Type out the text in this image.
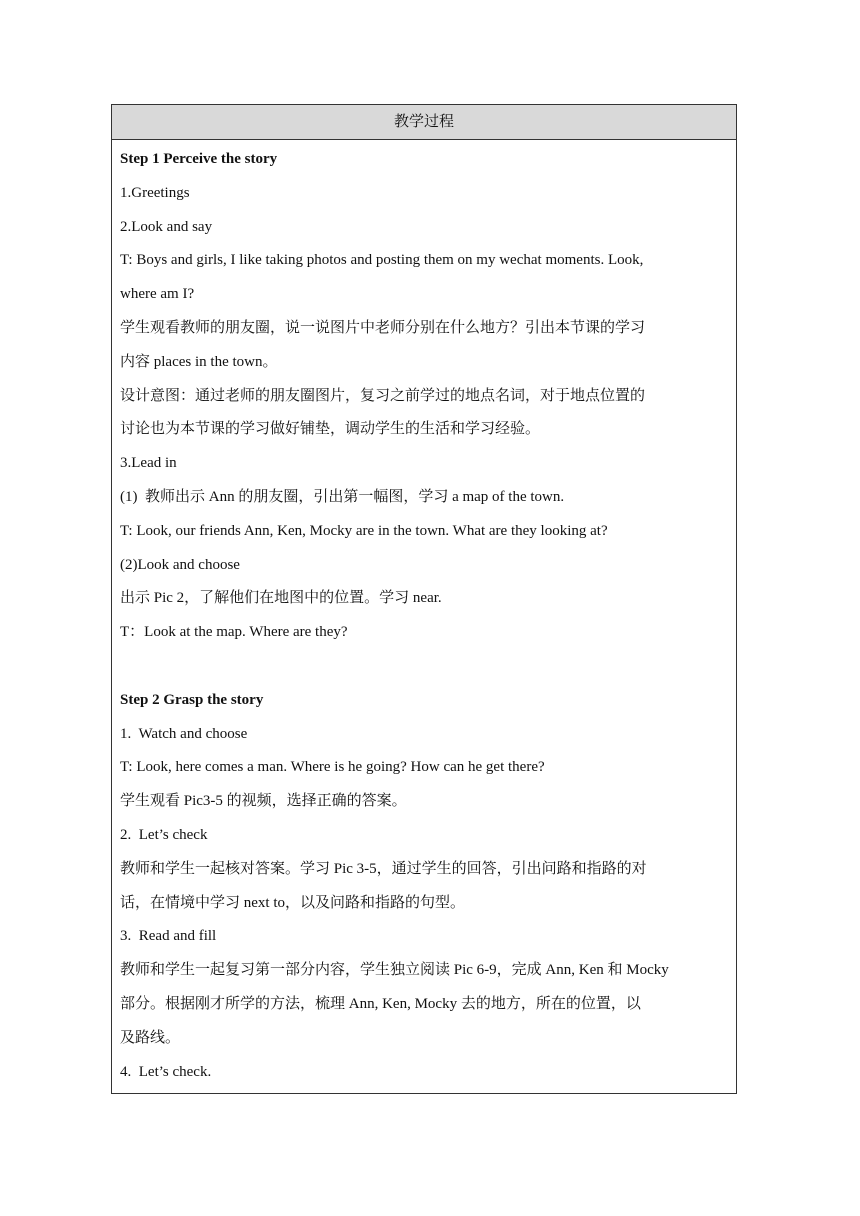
教学过程

Step 1 Perceive the story

1.Greetings

2.Look and say

T: Boys and girls, I like taking photos and posting them on my wechat moments. Look,

where am I?

学生观看教师的朋友圈，说一说图片中老师分别在什么地方？引出本节课的学习

内容 places in the town。

设计意图：通过老师的朋友圈图片，复习之前学过的地点名词，对于地点位置的

讨论也为本节课的学习做好铺垫，调动学生的生活和学习经验。

3.Lead in

(1)  教师出示 Ann 的朋友圈，引出第一幅图，学习 a map of the town.

T: Look, our friends Ann, Ken, Mocky are in the town. What are they looking at?

(2)Look and choose

出示 Pic 2，了解他们在地图中的位置。学习 near.

T：Look at the map. Where are they?

Step 2 Grasp the story

1.  Watch and choose

T: Look, here comes a man. Where is he going? How can he get there?

学生观看 Pic3-5 的视频，选择正确的答案。

2.  Let’s check

教师和学生一起核对答案。学习 Pic 3-5，通过学生的回答，引出问路和指路的对

话，在情境中学习 next to，以及问路和指路的句型。

3.  Read and fill

教师和学生一起复习第一部分内容，学生独立阅读 Pic 6-9，完成 Ann, Ken 和 Mocky

部分。根据刚才所学的方法，梳理 Ann, Ken, Mocky 去的地方，所在的位置，以

及路线。

4.  Let’s check.
